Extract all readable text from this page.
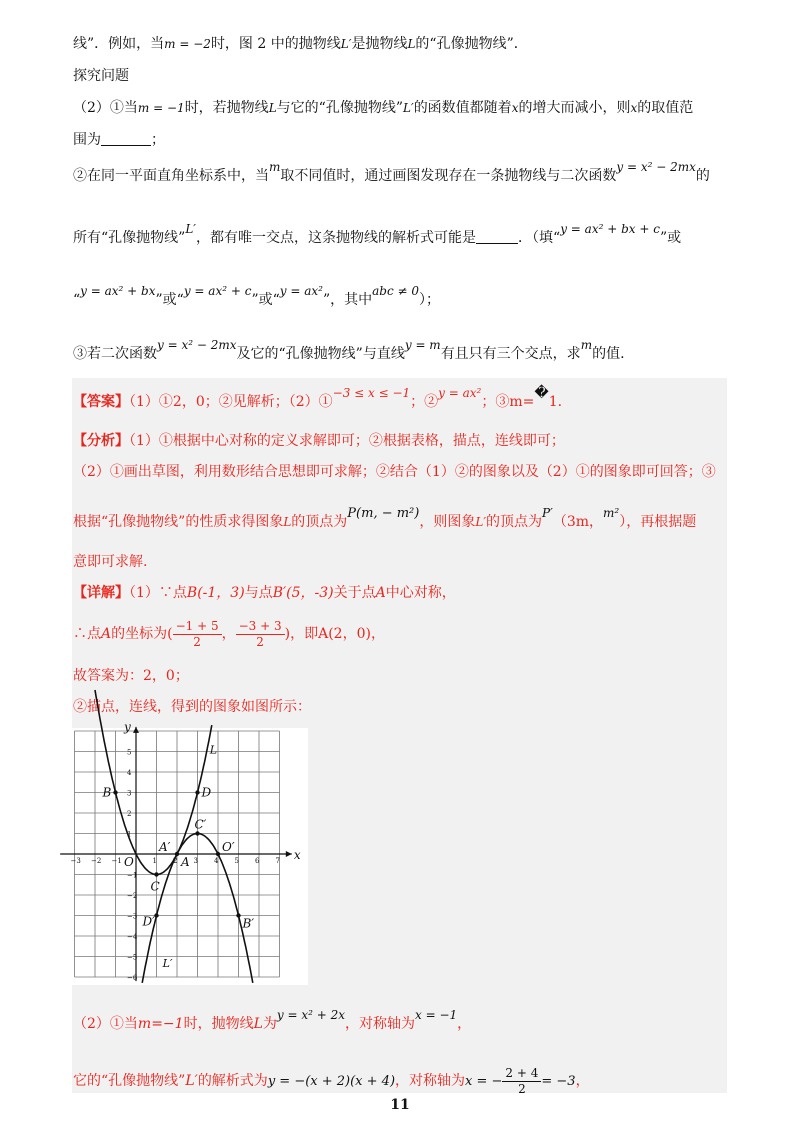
线”．例如，当m = −2时，图 2 中的抛物线L′是抛物线L的“孔像抛物线”．
探究问题
（2）①当m = −1时，若抛物线L与它的“孔像抛物线”L′的函数值都随着x的增大而减小，则x的取值范
围为	；
②在同一平面直角坐标系中，当m取不同值时，通过画图发现存在一条抛物线与二次函数y = x² − 2mx的
所有“孔像抛物线”L′，都有唯一交点，这条抛物线的解析式可能是	．（填“y = ax² + bx + c”或
“y = ax² + bx”或“y = ax² + c”或“y = ax²”，其中abc ≠ 0）；
③若二次函数y = x² − 2mx及它的“孔像抛物线”与直线y = m有且只有三个交点，求m的值.
【答案】（1）①2，0；②见解析；（2）①−3 ≤ x ≤ −1；②y = ax²；③m=�1.
【分析】（1）①根据中心对称的定义求解即可；②根据表格，描点，连线即可；
（2）①画出草图，利用数形结合思想即可求解；②结合（1）②的图象以及（2）①的图象即可回答；③
根据“孔像抛物线”的性质求得图象L的顶点为P(m, − m²)，则图象L′的顶点为P′（3m，m²），再根据题
意即可求解.
【详解】（1）∵点B(-1，3)与点B′(5，-3)关于点A中心对称，
∴点A的坐标为( $\frac{-1 + 5}{2}$ ， $\frac{-3 + 3}{2}$ )，即A(2，0)，
故答案为：2，0；
②描点，连线，得到的图象如图所示：
x
y
−3 −2 −1	1 2 3 4 5 6 7
5
4
3
2
1
−1
−2
−3
−4
−5
−6
L
L′
B	D
C′
O′
A′
A
C
D′	B′
O
（2）①当m=−1时，抛物线L为y = x² + 2x，对称轴为x = −1，
它的“孔像抛物线”L′的解析式为y = −(x + 2)(x + 4)，对称轴为x = − $\frac{2 + 4}{2} = -3$，
11
